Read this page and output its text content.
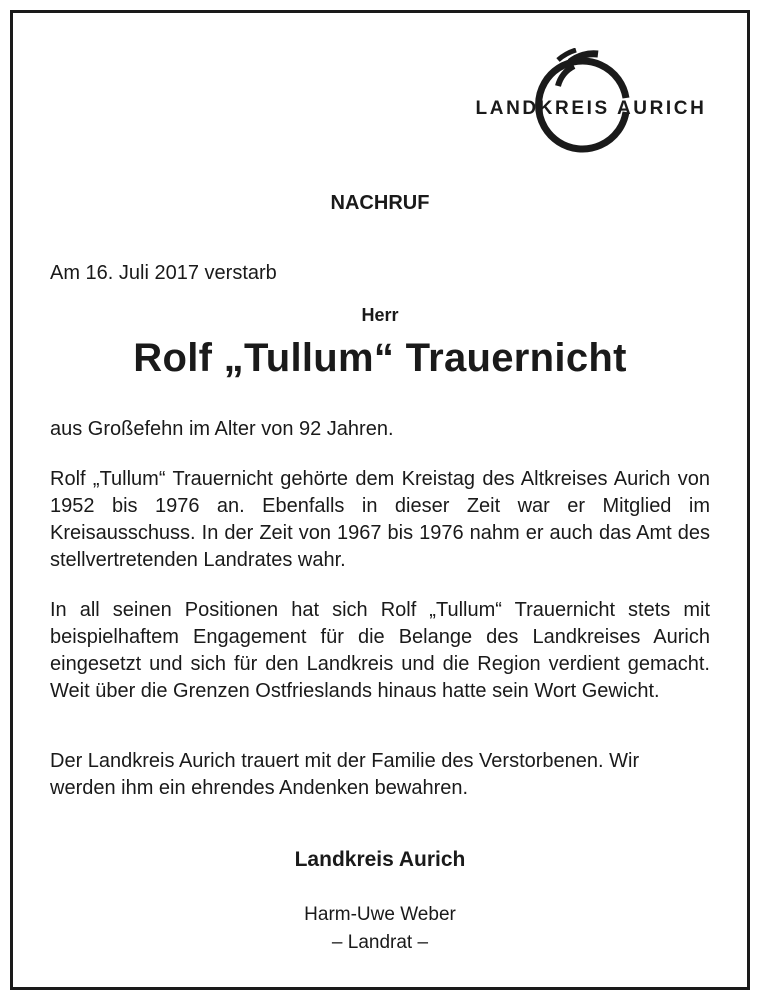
LANDKREIS AURICH
NACHRUF
Am 16. Juli 2017 verstarb
Herr
Rolf „Tullum“ Trauernicht
aus Großefehn im Alter von 92 Jahren.

Rolf „Tullum“ Trauernicht gehörte dem Kreistag des Altkreises Aurich von 1952 bis 1976 an. Ebenfalls in dieser Zeit war er Mitglied im Kreisausschuss. In der Zeit von 1967 bis 1976 nahm er auch das Amt des stellvertretenden Landrates wahr.

In all seinen Positionen hat sich Rolf „Tullum“ Trauernicht stets mit beispielhaftem Engagement für die Belange des Landkreises Aurich eingesetzt und sich für den Landkreis und die Region verdient gemacht. Weit über die Grenzen Ostfrieslands hinaus hatte sein Wort Gewicht.

Der Landkreis Aurich trauert mit der Familie des Verstorbenen. Wir werden ihm ein ehrendes Andenken bewahren.

Landkreis Aurich
Harm-Uwe Weber
– Landrat –
